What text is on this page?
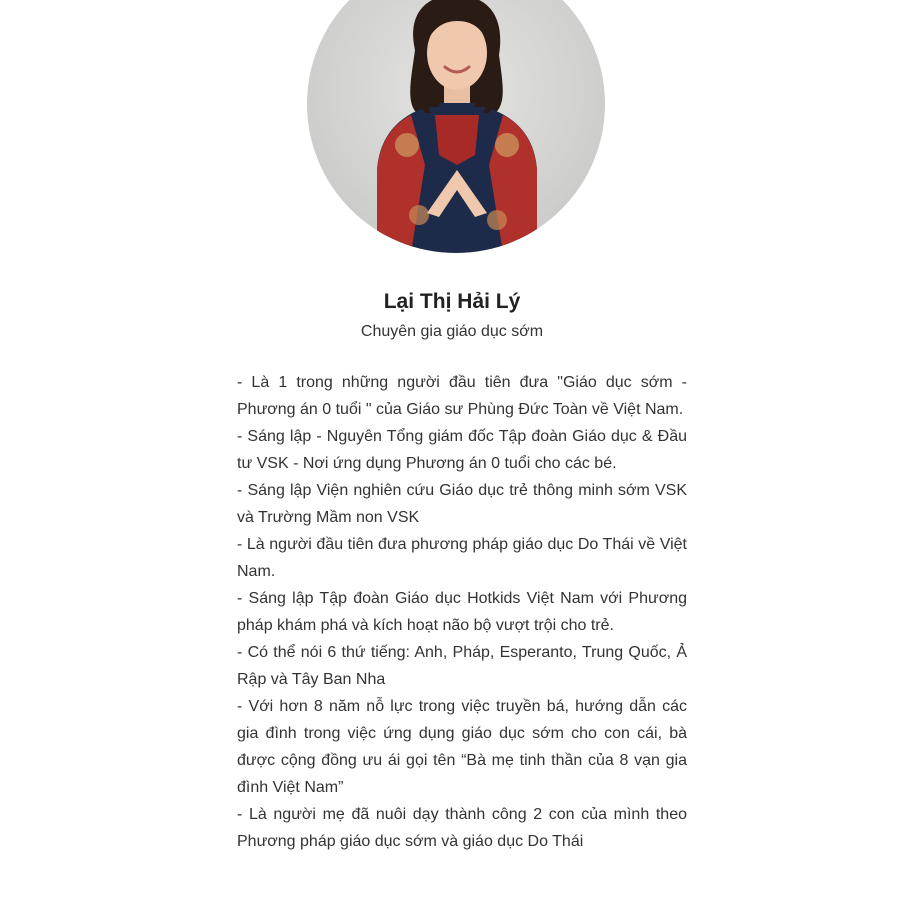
Lại Thị Hải Lý
Chuyên gia giáo dục sớm

- Là 1 trong những người đầu tiên đưa "Giáo dục sớm - Phương án 0 tuổi " của Giáo sư Phùng Đức Toàn về Việt Nam.

- Sáng lập - Nguyên Tổng giám đốc Tập đoàn Giáo dục & Đầu tư VSK - Nơi ứng dụng Phương án 0 tuổi cho các bé.

- Sáng lập Viện nghiên cứu Giáo dục trẻ thông minh sớm VSK và Trường Mầm non VSK

- Là người đầu tiên đưa phương pháp giáo dục Do Thái về Việt Nam.

- Sáng lập Tập đoàn Giáo dục Hotkids Việt Nam với Phương pháp khám phá và kích hoạt não bộ vượt trội cho trẻ.

- Có thể nói 6 thứ tiếng: Anh, Pháp, Esperanto, Trung Quốc, Ả Rập và Tây Ban Nha

- Với hơn 8 năm nỗ lực trong việc truyền bá, hướng dẫn các gia đình trong việc ứng dụng giáo dục sớm cho con cái, bà được cộng đồng ưu ái gọi tên “Bà mẹ tinh thần của 8 vạn gia đình Việt Nam”

- Là người mẹ đã nuôi dạy thành công 2 con của mình theo Phương pháp giáo dục sớm và giáo dục Do Thái
